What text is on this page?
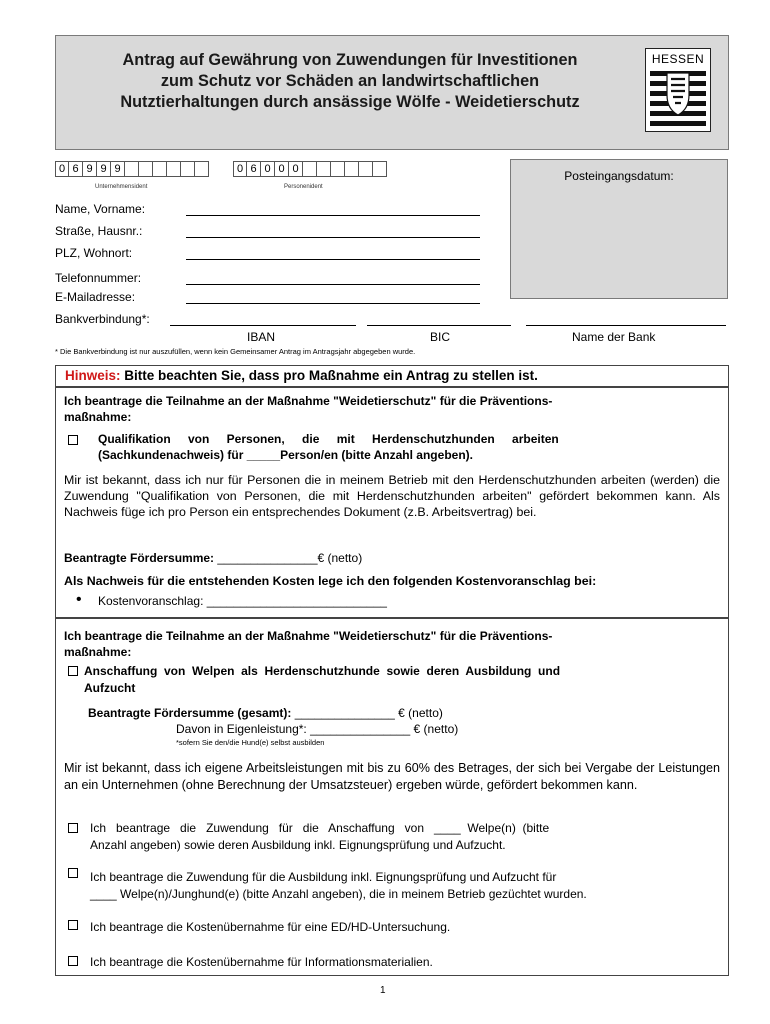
Antrag auf Gewährung von Zuwendungen für Investitionen
zum Schutz vor Schäden an landwirtschaftlichen
Nutztierhaltungen durch ansässige Wölfe - Weidetierschutz
HESSEN
0 6 9 9 9
Unternehmensident
0 6 0 0 0
Personenident
Posteingangsdatum:
Name, Vorname:
Straße, Hausnr.:
PLZ, Wohnort:
Telefonnummer:
E-Mailadresse:
Bankverbindung*:
IBAN	BIC	Name der Bank
* Die Bankverbindung ist nur auszufüllen, wenn kein Gemeinsamer Antrag im Antragsjahr abgegeben wurde.
Hinweis: Bitte beachten Sie, dass pro Maßnahme ein Antrag zu stellen ist.
Ich beantrage die Teilnahme an der Maßnahme "Weidetierschutz" für die Präventions-
maßnahme:
Qualifikation    von    Personen,    die    mit    Herdenschutzhunden    arbeiten
(Sachkundenachweis) für _____Person/en (bitte Anzahl angeben).
Mir ist bekannt, dass ich nur für Personen die in meinem Betrieb mit den Herdenschutzhunden arbeiten (werden) die Zuwendung "Qualifikation von Personen, die mit Herdenschutzhunden arbeiten" gefördert bekommen kann. Als Nachweis füge ich pro Person ein entsprechendes Dokument (z.B. Arbeitsvertrag) bei.
Beantragte Fördersumme: _______________€ (netto)
Als Nachweis für die entstehenden Kosten lege ich den folgenden Kostenvoranschlag bei:
• Kostenvoranschlag: ___________________________
Ich beantrage die Teilnahme an der Maßnahme "Weidetierschutz" für die Präventions-
maßnahme:
Anschaffung  von  Welpen  als  Herdenschutzhunde  sowie  deren  Ausbildung  und
Aufzucht
Beantragte Fördersumme (gesamt): _______________ € (netto)
Davon in Eigenleistung*: _______________ € (netto)
*sofern Sie den/die Hund(e) selbst ausbilden
Mir ist bekannt, dass ich eigene Arbeitsleistungen mit bis zu 60% des Betrages, der sich bei Vergabe der Leistungen an ein Unternehmen (ohne Berechnung der Umsatzsteuer) ergeben würde, gefördert bekommen kann.
Ich   beantrage   die   Zuwendung   für   die   Anschaffung   von   ____  Welpe(n)  (bitte
Anzahl angeben) sowie deren Ausbildung inkl. Eignungsprüfung und Aufzucht.
Ich beantrage die Zuwendung für die Ausbildung inkl. Eignungsprüfung und Aufzucht für
____ Welpe(n)/Junghund(e) (bitte Anzahl angeben), die in meinem Betrieb gezüchtet wurden.
Ich beantrage die Kostenübernahme für eine ED/HD-Untersuchung.
Ich beantrage die Kostenübernahme für Informationsmaterialien.
1
